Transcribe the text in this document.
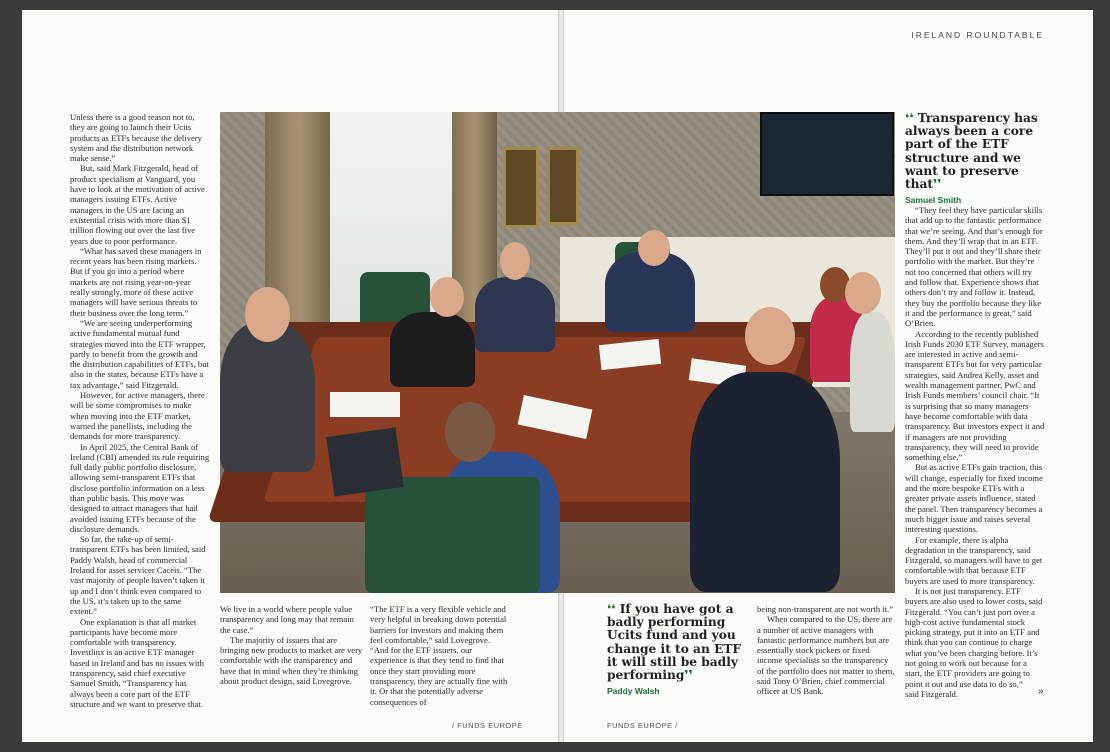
IRELAND ROUNDTABLE

Unless there is a good reason not to, they are going to launch their Ucits products as ETFs because the delivery system and the distribution network make sense.”

But, said Mark Fitzgerald, head of product specialism at Vanguard, you have to look at the motivation of active managers issuing ETFs. Active managers in the US are facing an existential crisis with more than $1 trillion flowing out over the last five years due to poor performance.

“What has saved these managers in recent years has been rising markets. But if you go into a period where markets are not rising year-on-year really strongly, more of these active managers will have serious threats to their business over the long term.”

“We are seeing underperforming active fundamental mutual fund strategies moved into the ETF wrapper, partly to benefit from the growth and the distribution capabilities of ETFs, but also in the states, because ETFs have a tax advantage,” said Fitzgerald.

However, for active managers, there will be some compromises to make when moving into the ETF market, warned the panellists, including the demands for more transparency.

In April 2025, the Central Bank of Ireland (CBI) amended its rule requiring full daily public portfolio disclosure, allowing semi-transparent ETFs that disclose portfolio information on a less than public basis. This move was designed to attract managers that had avoided issuing ETFs because of the disclosure demands.

So far, the take-up of semi-transparent ETFs has been limited, said Paddy Walsh, head of commercial Ireland for asset servicer Caceis. “The vast majority of people haven’t taken it up and I don’t think even compared to the US, it’s taken up to the same extent.”

One explanation is that all market participants have become more comfortable with transparency. Investlinx is an active ETF manager based in Ireland and has no issues with transparency, said chief executive Samuel Smith. “Transparency has always been a core part of the ETF structure and we want to preserve that.

We live in a world where people value transparency and long may that remain the case.”

The majority of issuers that are bringing new products to market are very comfortable with the transparency and have that in mind when they’re thinking about product design, said Lovegrove.

“The ETF is a very flexible vehicle and very helpful in breaking down potential barriers for investors and making them feel comfortable,” said Lovegrove. “And for the ETF issuers, our experience is that they tend to find that once they start providing more transparency, they are actually fine with it. Or that the potentially adverse consequences of

❛❛ If you have got a badly performing Ucits fund and you change it to an ETF it will still be badly performing❜❜
Paddy Walsh

being non-transparent are not worth it.”

When compared to the US, there are a number of active managers with fantastic performance numbers but are essentially stock pickers or fixed income specialists so the transparency of the portfolio does not matter to them, said Tony O’Brien, chief commercial officer at US Bank.

❛❛ Transparency has always been a core part of the ETF structure and we want to preserve that❜❜
Samuel Smith

“They feel they have particular skills that add up to the fantastic performance that we’re seeing. And that’s enough for them. And they’ll wrap that in an ETF. They’ll put it out and they’ll share their portfolio with the market. But they’re not too concerned that others will try and follow that. Experience shows that others don’t try and follow it. Instead, they buy the portfolio because they like it and the performance is great,” said O’Brien.

According to the recently published Irish Funds 2030 ETF Survey, managers are interested in active and semi-transparent ETFs but for very particular strategies, said Andrea Kelly, asset and wealth management partner, PwC and Irish Funds members’ council chair. “It is surprising that so many managers have become comfortable with data transparency. But investors expect it and if managers are not providing transparency, they will need to provide something else.”

But as active ETFs gain traction, this will change, especially for fixed income and the more bespoke ETFs with a greater private assets influence, stated the panel. Then transparency becomes a much bigger issue and raises several interesting questions.

For example, there is alpha degradation in the transparency, said Fitzgerald, so managers will have to get comfortable with that because ETF buyers are used to more transparency.

It is not just transparency. ETF buyers are also used to lower costs, said Fitzgerald. “You can’t just port over a high-cost active fundamental stock picking strategy, put it into an ETF and think that you can continue to charge what you’ve been charging before. It’s not going to work out because for a start, the ETF providers are going to point it out and use data to do so,”

said Fitzgerald.	»
/ FUNDS EUROPE	FUNDS EUROPE /
